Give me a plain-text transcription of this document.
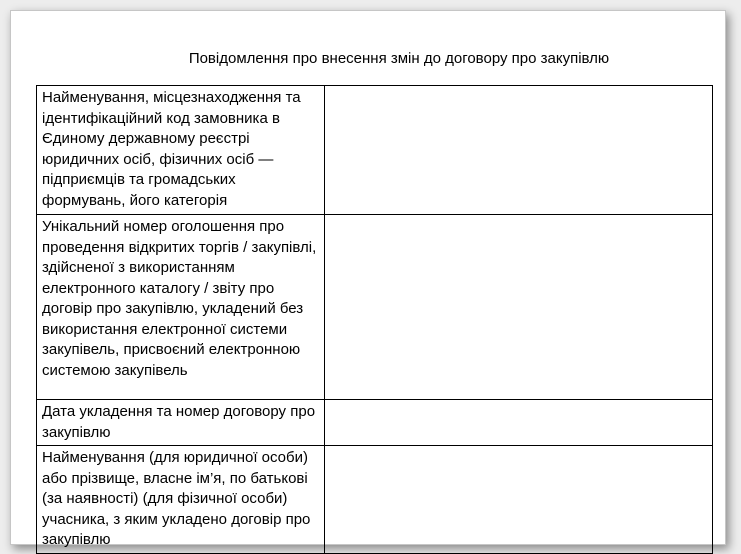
Повідомлення про внесення змін до договору про закупівлю
Найменування, місцезнаходження та ідентифікаційний код замовника в Єдиному державному реєстрі юридичних осіб, фізичних осіб — підприємців та громадських формувань, його категорія	
Унікальний номер оголошення про проведення відкритих торгів / закупівлі, здійсненої з використанням електронного каталогу / звіту про договір про закупівлю, укладений без використання електронної системи закупівель, присвоєний електронною системою закупівель	
Дата укладення та номер договору про закупівлю	
Найменування (для юридичної особи) або прізвище, власне ім’я, по батькові (за наявності) (для фізичної особи) учасника, з яким укладено договір про закупівлю	
